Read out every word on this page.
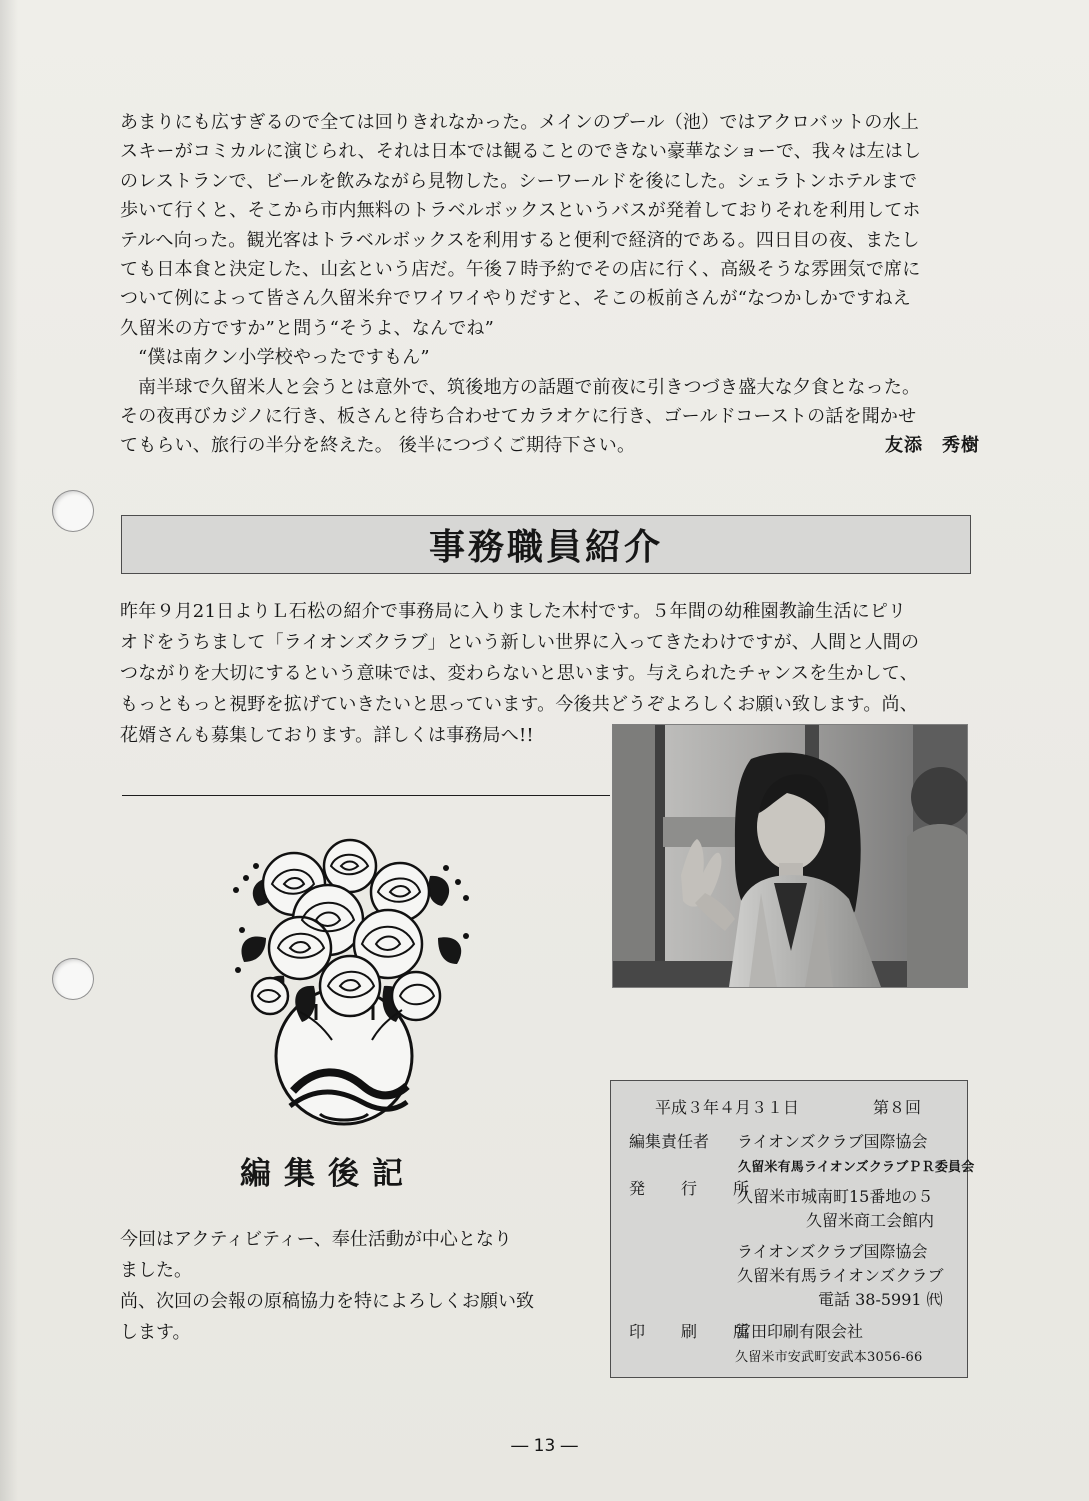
あまりにも広すぎるので全ては回りきれなかった。メインのプール（池）ではアクロバットの水上

スキーがコミカルに演じられ、それは日本では観ることのできない豪華なショーで、我々は左はし

のレストランで、ビールを飲みながら見物した。シーワールドを後にした。シェラトンホテルまで

歩いて行くと、そこから市内無料のトラベルボックスというバスが発着しておりそれを利用してホ

テルへ向った。観光客はトラベルボックスを利用すると便利で経済的である。四日目の夜、またし

ても日本食と決定した、山玄という店だ。午後７時予約でその店に行く、高級そうな雰囲気で席に

ついて例によって皆さん久留米弁でワイワイやりだすと、そこの板前さんが“なつかしかですねえ

久留米の方ですか”と問う“そうよ、なんでね”

“僕は南クン小学校やったですもん”

南半球で久留米人と会うとは意外で、筑後地方の話題で前夜に引きつづき盛大な夕食となった。

その夜再びカジノに行き、板さんと待ち合わせてカラオケに行き、ゴールドコーストの話を聞かせ

てもらい、旅行の半分を終えた。 後半につづくご期待下さい。	友添　秀樹
事務職員紹介

昨年９月21日よりＬ石松の紹介で事務局に入りました木村です。５年間の幼稚園教諭生活にピリ

オドをうちまして「ライオンズクラブ」という新しい世界に入ってきたわけですが、人間と人間の

つながりを大切にするという意味では、変わらないと思います。与えられたチャンスを生かして、

もっともっと視野を拡げていきたいと思っています。今後共どうぞよろしくお願い致します。尚、

花婿さんも募集しております。詳しくは事務局へ!!

編集後記

今回はアクティビティー、奉仕活動が中心となり

ました。

尚、次回の会報の原稿協力を特によろしくお願い致

します。

平成３年４月３１日	第８回
編集責任者 ライオンズクラブ国際協会
久留米有馬ライオンズクラブＰＲ委員会
発　行　所
久留米市城南町15番地の５
久留米商工会館内
ライオンズクラブ国際協会
久留米有馬ライオンズクラブ
電話 38-5991 ㈹
印　刷　所
富田印刷有限会社
久留米市安武町安武本3056-66
― 13 ―
